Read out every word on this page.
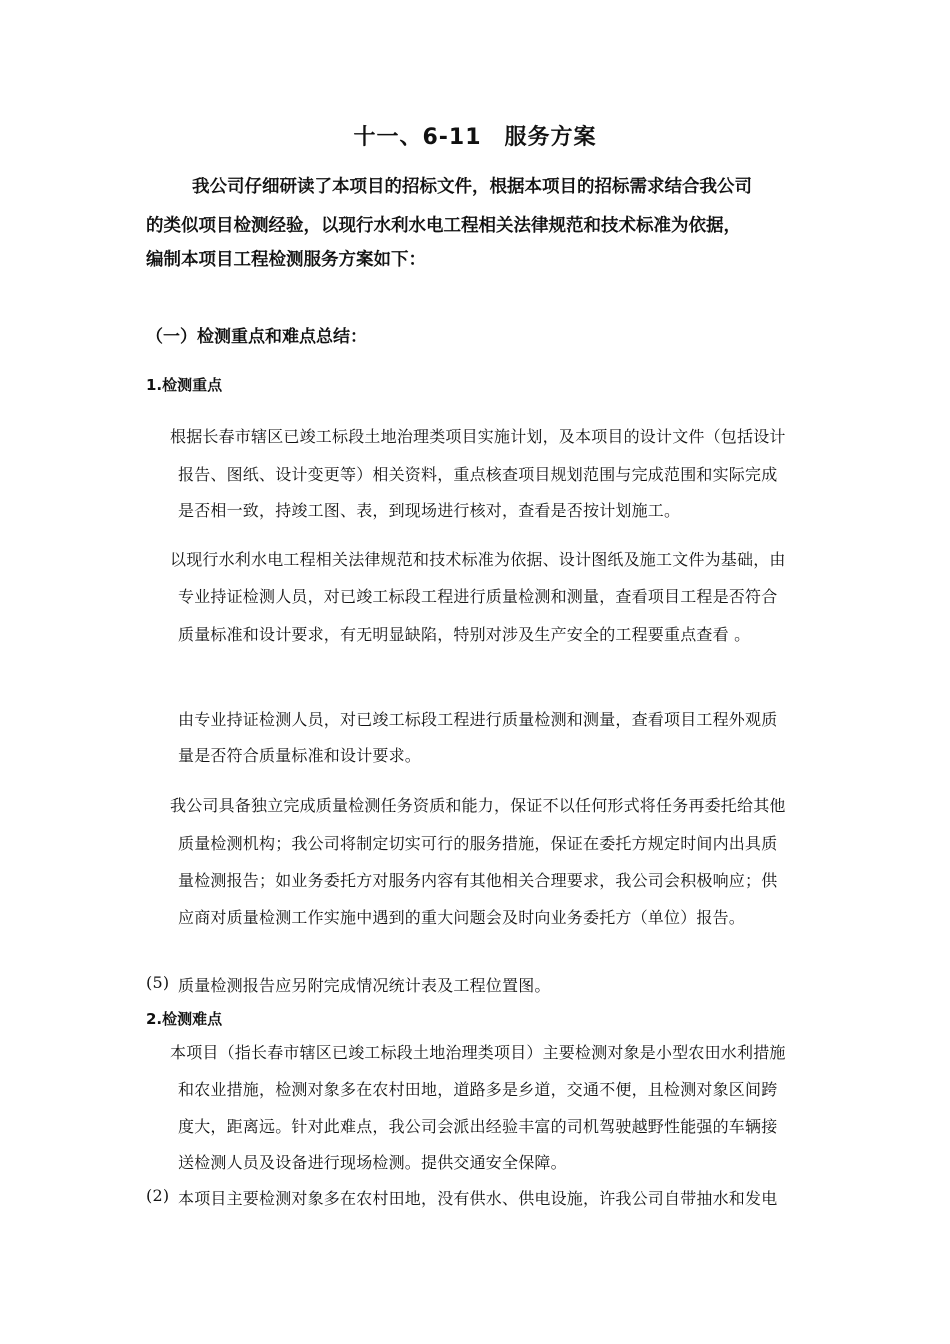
十一、6-11　服务方案
我公司仔细研读了本项目的招标文件，根据本项目的招标需求结合我公司
的类似项目检测经验，以现行水利水电工程相关法律规范和技术标准为依据，
编制本项目工程检测服务方案如下：
（一）检测重点和难点总结：
1.检测重点
根据长春市辖区已竣工标段土地治理类项目实施计划，及本项目的设计文件（包括设计
报告、图纸、设计变更等）相关资料，重点核查项目规划范围与完成范围和实际完成
是否相一致，持竣工图、表，到现场进行核对，查看是否按计划施工。
以现行水利水电工程相关法律规范和技术标准为依据、设计图纸及施工文件为基础，由
专业持证检测人员，对已竣工标段工程进行质量检测和测量，查看项目工程是否符合
质量标准和设计要求，有无明显缺陷，特别对涉及生产安全的工程要重点查看 。
由专业持证检测人员，对已竣工标段工程进行质量检测和测量，查看项目工程外观质
量是否符合质量标准和设计要求。
我公司具备独立完成质量检测任务资质和能力，保证不以任何形式将任务再委托给其他
质量检测机构；我公司将制定切实可行的服务措施，保证在委托方规定时间内出具质
量检测报告；如业务委托方对服务内容有其他相关合理要求，我公司会积极响应；供
应商对质量检测工作实施中遇到的重大问题会及时向业务委托方（单位）报告。
(5) 质量检测报告应另附完成情况统计表及工程位置图。
2.检测难点
本项目（指长春市辖区已竣工标段土地治理类项目）主要检测对象是小型农田水利措施
和农业措施，检测对象多在农村田地，道路多是乡道，交通不便，且检测对象区间跨
度大，距离远。针对此难点，我公司会派出经验丰富的司机驾驶越野性能强的车辆接
送检测人员及设备进行现场检测。提供交通安全保障。
(2) 本项目主要检测对象多在农村田地，没有供水、供电设施，许我公司自带抽水和发电
